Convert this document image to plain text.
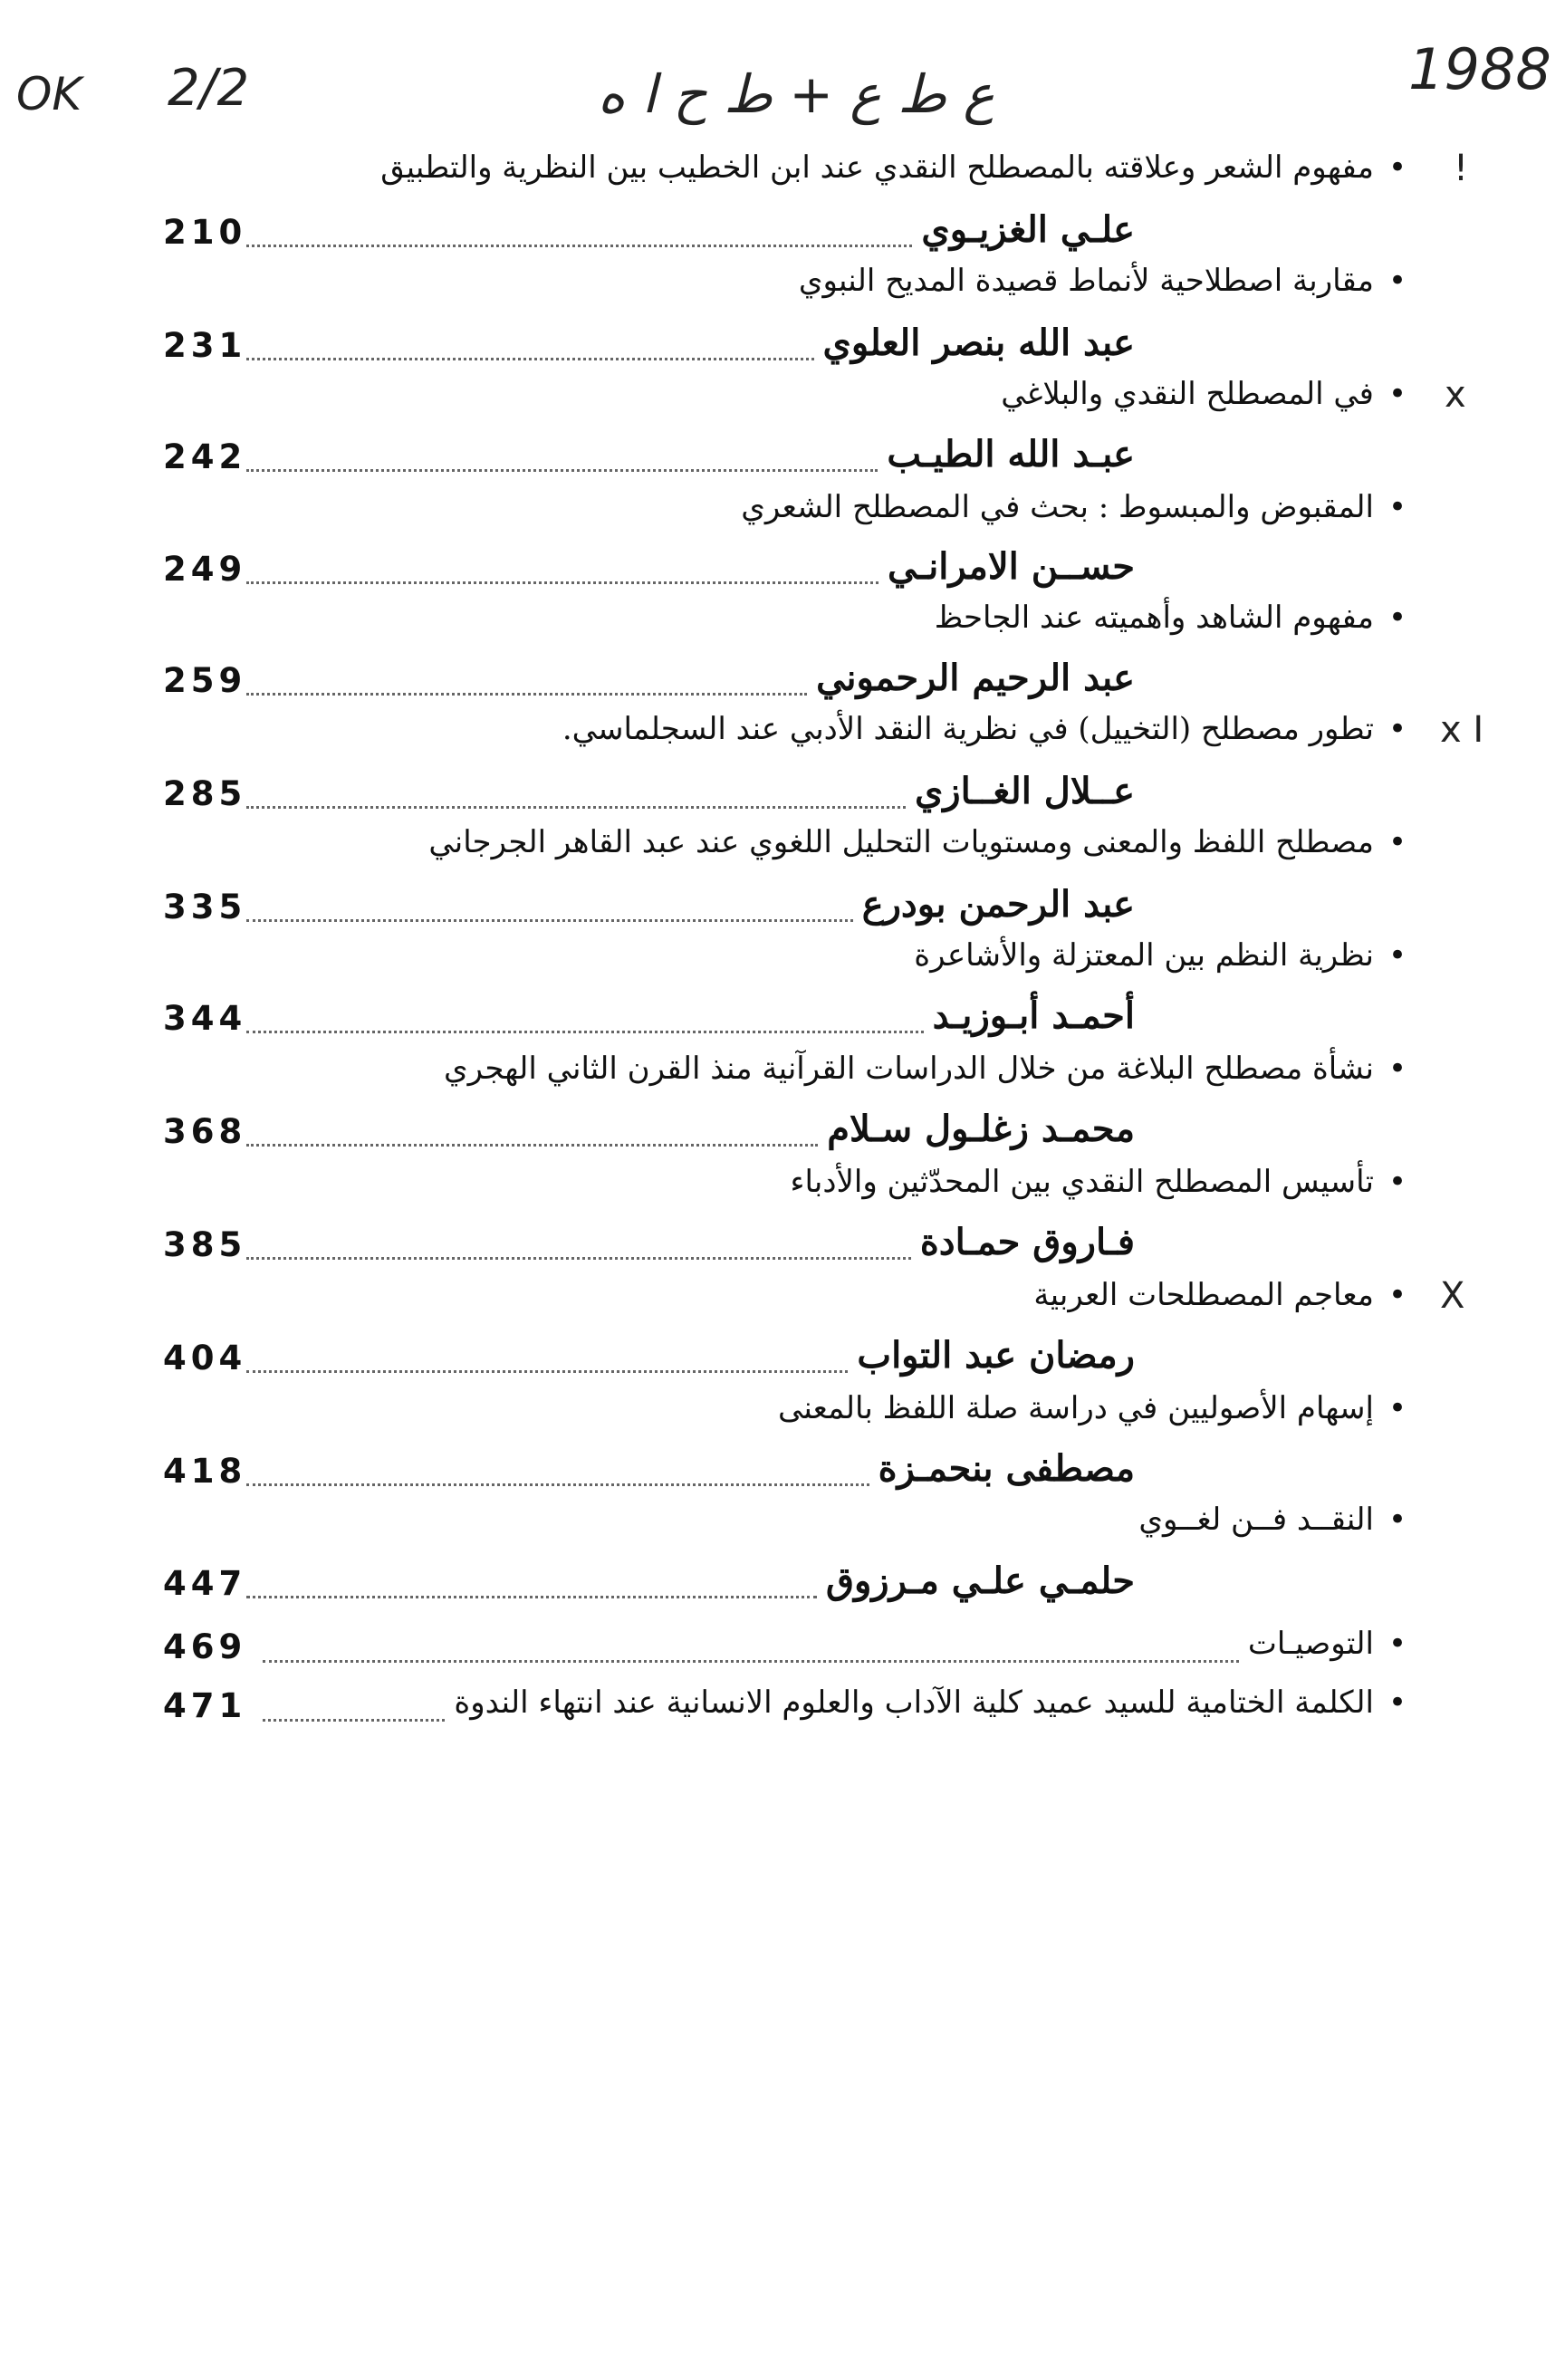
OK 2/2	ع ط ع + ط ح ا ه	1988
•مفهوم الشعر وعلاقته بالمصطلح النقدي عند ابن الخطيب بين النظرية والتطبيق
علـي الغزيـوي
210
!
•مقاربة اصطلاحية لأنماط قصيدة المديح النبوي
عبد الله بنصر العلوي
231
•في المصطلح النقدي والبلاغي
عبـد الله الطيـب
242
x
•المقبوض والمبسوط : بحث في المصطلح الشعري
حســن الامرانـي
249
•مفهوم الشاهد وأهميته عند الجاحظ
عبد الرحيم الرحموني
259
•تطور مصطلح (التخييل) في نظرية النقد الأدبي عند السجلماسي.
عــلال الغــازي
285
x I
•مصطلح اللفظ والمعنى ومستويات التحليل اللغوي عند عبد القاهر الجرجاني
عبد الرحمن بودرع
335
•نظرية النظم بين المعتزلة والأشاعرة
أحمـد أبـوزيـد
344
•نشأة مصطلح البلاغة من خلال الدراسات القرآنية منذ القرن الثاني الهجري
محمـد زغلـول سـلام
368
•تأسيس المصطلح النقدي بين المحدّثين والأدباء
فـاروق حمـادة
385
•معاجم المصطلحات العربية
رمضان عبد التواب
404
X
•إسهام الأصوليين في دراسة صلة اللفظ بالمعنى
مصطفى بنحمـزة
418
•النقــد فــن لغــوي
حلمـي علـي مـرزوق
447
•التوصيـات
469
•الكلمة الختامية للسيد عميد كلية الآداب والعلوم الانسانية عند انتهاء الندوة
471
